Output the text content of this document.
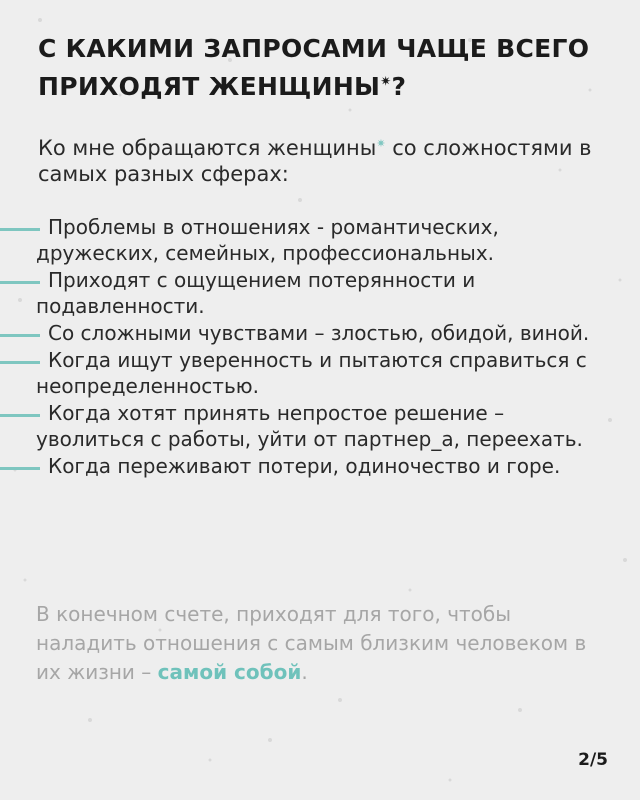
С КАКИМИ ЗАПРОСАМИ ЧАЩЕ ВСЕГО ПРИХОДЯТ ЖЕНЩИНЫ✷?

Ко мне обращаются женщины✷ со сложностями в самых разных сферах:

Проблемы в отношениях - романтических, дружеских, семейных, профессиональных.
Приходят с ощущением потерянности и подавленности.
Со сложными чувствами – злостью, обидой, виной.
Когда ищут уверенность и пытаются справиться с неопределенностью.
Когда хотят принять непростое решение – уволиться с работы, уйти от партнер_а, переехать.
Когда переживают потери, одиночество и горе.

В конечном счете, приходят для того, чтобы наладить отношения с самым близким человеком в их жизни – самой собой.

2/5
